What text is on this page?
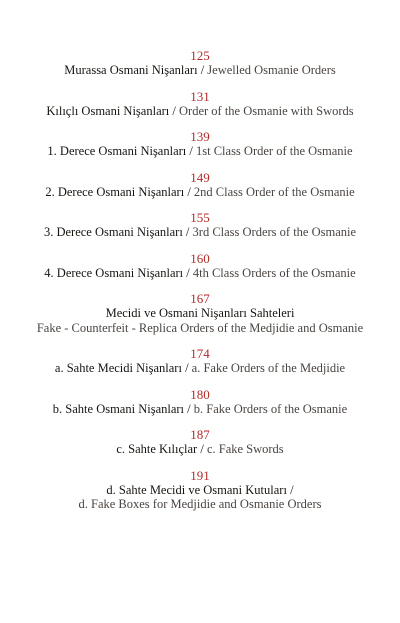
125
Murassa Osmani Nişanları / Jewelled Osmanie Orders
131
Kılıçlı Osmani Nişanları / Order of the Osmanie with Swords
139
1. Derece Osmani Nişanları / 1st Class Order of the Osmanie
149
2. Derece Osmani Nişanları / 2nd Class Order of the Osmanie
155
3. Derece Osmani Nişanları / 3rd Class Orders of the Osmanie
160
4. Derece Osmani Nişanları / 4th Class Orders of the Osmanie
167
Mecidi ve Osmani Nişanları Sahteleri
Fake - Counterfeit - Replica Orders of the Medjidie and Osmanie
174
a. Sahte Mecidi Nişanları / a. Fake Orders of the Medjidie
180
b. Sahte Osmani Nişanları / b. Fake Orders of the Osmanie
187
c. Sahte Kılıçlar / c. Fake Swords
191
d. Sahte Mecidi ve Osmani Kutuları /
d. Fake Boxes for Medjidie and Osmanie Orders
